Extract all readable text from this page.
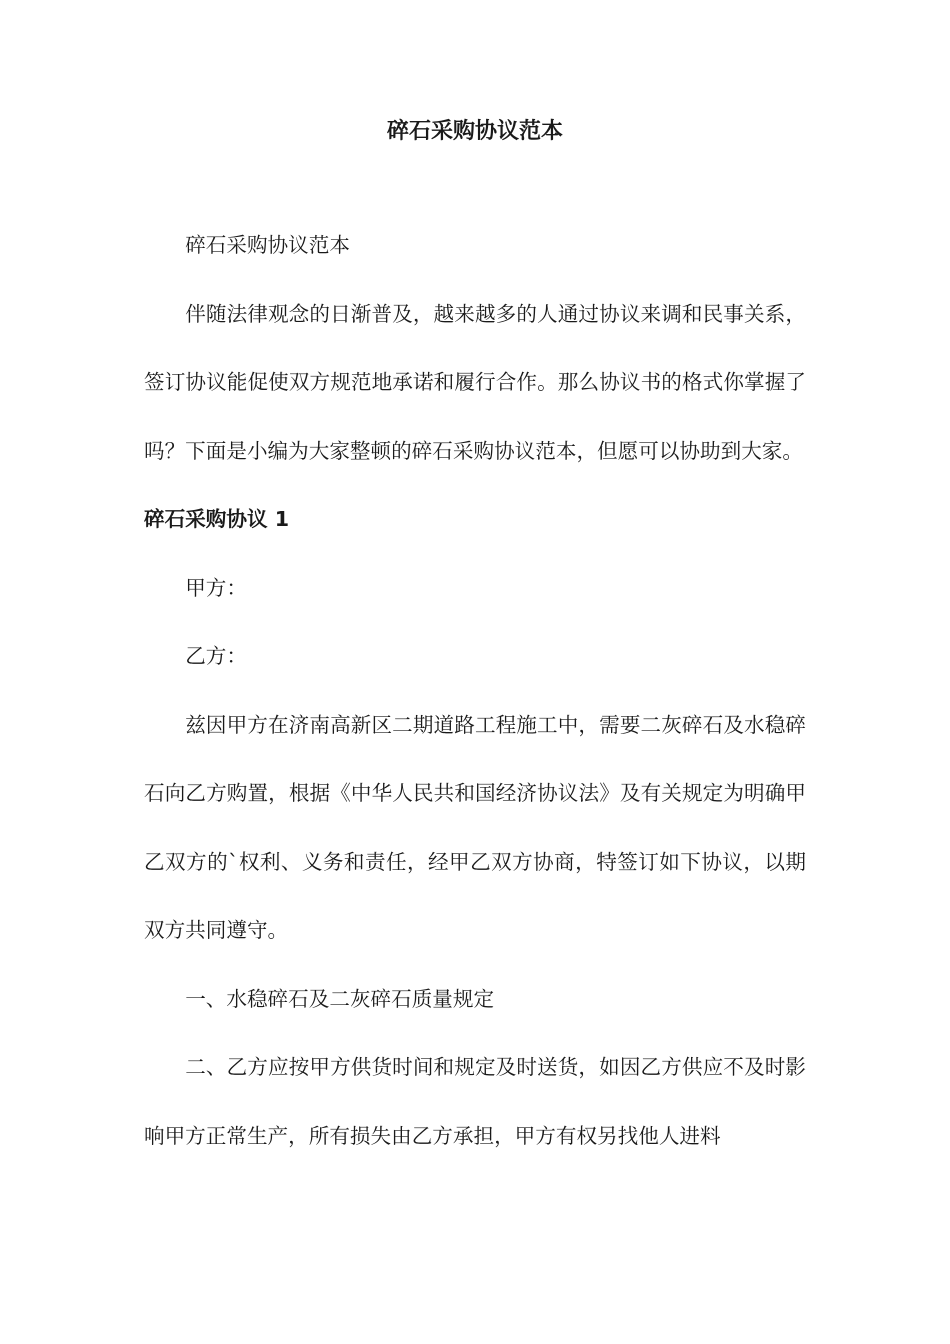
碎石采购协议范本

碎石采购协议范本

伴随法律观念的日渐普及，越来越多的人通过协议来调和民事关系，签订协议能促使双方规范地承诺和履行合作。那么协议书的格式你掌握了吗？下面是小编为大家整顿的碎石采购协议范本，但愿可以协助到大家。

碎石采购协议 1

甲方：

乙方：

兹因甲方在济南高新区二期道路工程施工中，需要二灰碎石及水稳碎石向乙方购置，根据《中华人民共和国经济协议法》及有关规定为明确甲乙双方的`权利、义务和责任，经甲乙双方协商，特签订如下协议，以期双方共同遵守。

一、水稳碎石及二灰碎石质量规定

二、乙方应按甲方供货时间和规定及时送货，如因乙方供应不及时影响甲方正常生产，所有损失由乙方承担，甲方有权另找他人进料
